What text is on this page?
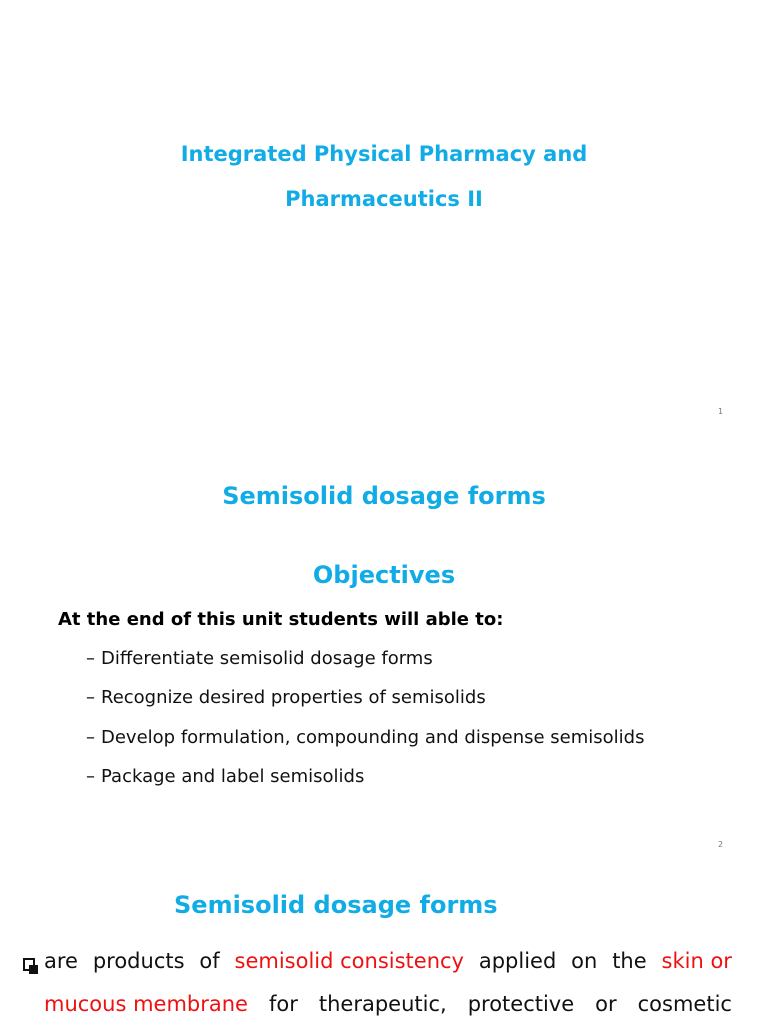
Integrated Physical Pharmacy and
Pharmaceutics II
1
Semisolid dosage forms
Objectives
At the end of this unit students will able to:
– Differentiate semisolid dosage forms
– Recognize desired properties of semisolids
– Develop formulation, compounding and dispense semisolids
– Package and label semisolids
2
Semisolid dosage forms
are products of semisolid consistency applied on the skin or
mucous membrane for therapeutic, protective or cosmetic
